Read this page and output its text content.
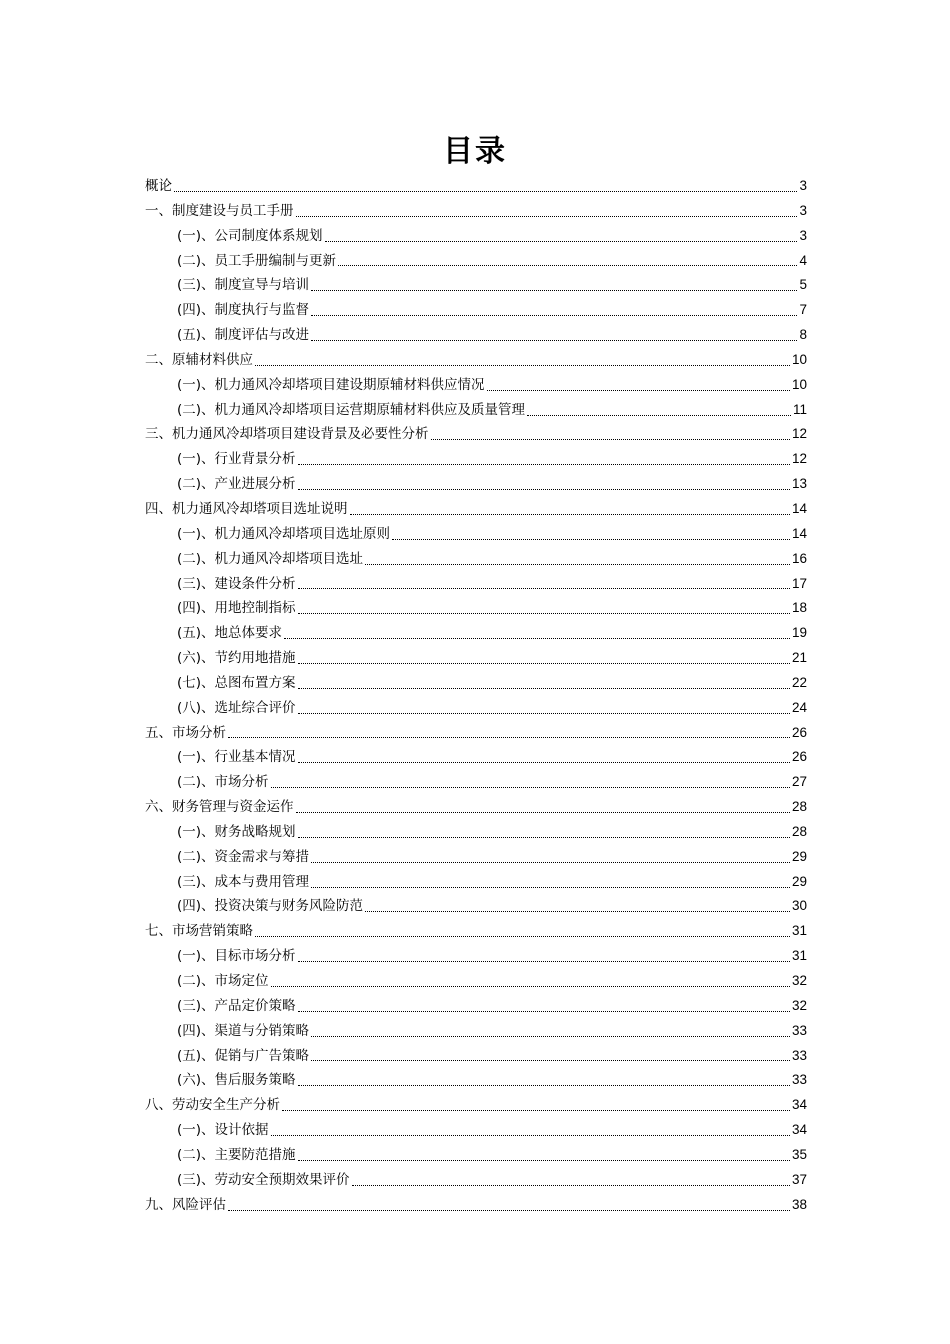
目录
概论	3
一、制度建设与员工手册	3
(一)、公司制度体系规划	3
(二)、员工手册编制与更新	4
(三)、制度宣导与培训	5
(四)、制度执行与监督	7
(五)、制度评估与改进	8
二、原辅材料供应	10
(一)、机力通风冷却塔项目建设期原辅材料供应情况	10
(二)、机力通风冷却塔项目运营期原辅材料供应及质量管理	11
三、机力通风冷却塔项目建设背景及必要性分析	12
(一)、行业背景分析	12
(二)、产业进展分析	13
四、机力通风冷却塔项目选址说明	14
(一)、机力通风冷却塔项目选址原则	14
(二)、机力通风冷却塔项目选址	16
(三)、建设条件分析	17
(四)、用地控制指标	18
(五)、地总体要求	19
(六)、节约用地措施	21
(七)、总图布置方案	22
(八)、选址综合评价	24
五、市场分析	26
(一)、行业基本情况	26
(二)、市场分析	27
六、财务管理与资金运作	28
(一)、财务战略规划	28
(二)、资金需求与筹措	29
(三)、成本与费用管理	29
(四)、投资决策与财务风险防范	30
七、市场营销策略	31
(一)、目标市场分析	31
(二)、市场定位	32
(三)、产品定价策略	32
(四)、渠道与分销策略	33
(五)、促销与广告策略	33
(六)、售后服务策略	33
八、劳动安全生产分析	34
(一)、设计依据	34
(二)、主要防范措施	35
(三)、劳动安全预期效果评价	37
九、风险评估	38
